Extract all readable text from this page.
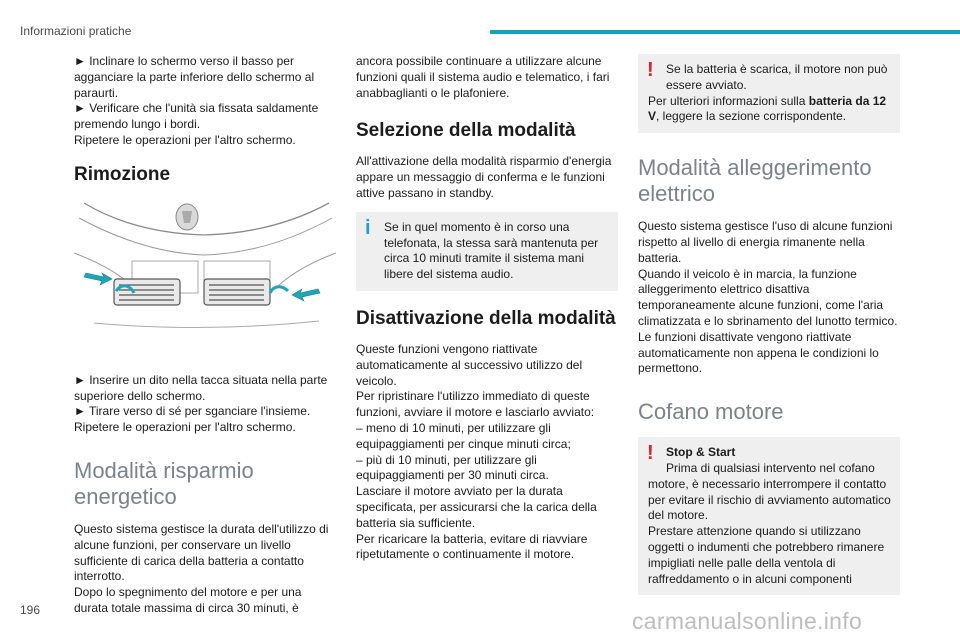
Informazioni pratiche

► Inclinare lo schermo verso il basso per agganciare la parte inferiore dello schermo al paraurti.

► Verificare che l'unità sia fissata saldamente premendo lungo i bordi.

Ripetere le operazioni per l'altro schermo.

Rimozione

► Inserire un dito nella tacca situata nella parte superiore dello schermo.

► Tirare verso di sé per sganciare l'insieme.

Ripetere le operazioni per l'altro schermo.

Modalità risparmio energetico

Questo sistema gestisce la durata dell'utilizzo di alcune funzioni, per conservare un livello sufficiente di carica della batteria a contatto interrotto.

Dopo lo spegnimento del motore e per una durata totale massima di circa 30 minuti, è

ancora possibile continuare a utilizzare alcune funzioni quali il sistema audio e telematico, i fari anabbaglianti o le plafoniere.

Selezione della modalità

All'attivazione della modalità risparmio d'energia appare un messaggio di conferma e le funzioni attive passano in standby.

i	Se in quel momento è in corso una telefonata, la stessa sarà mantenuta per circa 10 minuti tramite il sistema mani libere del sistema audio.
Disattivazione della modalità

Queste funzioni vengono riattivate automaticamente al successivo utilizzo del veicolo.

Per ripristinare l'utilizzo immediato di queste funzioni, avviare il motore e lasciarlo avviato:

– meno di 10 minuti, per utilizzare gli equipaggiamenti per cinque minuti circa;

– più di 10 minuti, per utilizzare gli equipaggiamenti per 30 minuti circa.

Lasciare il motore avviato per la durata specificata, per assicurarsi che la carica della batteria sia sufficiente.

Per ricaricare la batteria, evitare di riavviare ripetutamente o continuamente il motore.

!	Se la batteria è scarica, il motore non può essere avviato.
Per ulteriori informazioni sulla batteria da 12 V, leggere la sezione corrispondente.
Modalità alleggerimento elettrico

Questo sistema gestisce l'uso di alcune funzioni rispetto al livello di energia rimanente nella batteria.

Quando il veicolo è in marcia, la funzione alleggerimento elettrico disattiva temporaneamente alcune funzioni, come l'aria climatizzata e lo sbrinamento del lunotto termico.

Le funzioni disattivate vengono riattivate automaticamente non appena le condizioni lo permettono.

Cofano motore
!	Stop & Start
Prima di qualsiasi intervento nel cofano motore, è necessario interrompere il contatto per evitare il rischio di avviamento automatico del motore.
Prestare attenzione quando si utilizzano oggetti o indumenti che potrebbero rimanere impigliati nelle palle della ventola di raffreddamento o in alcuni componenti
196	carmanualsonline.info
